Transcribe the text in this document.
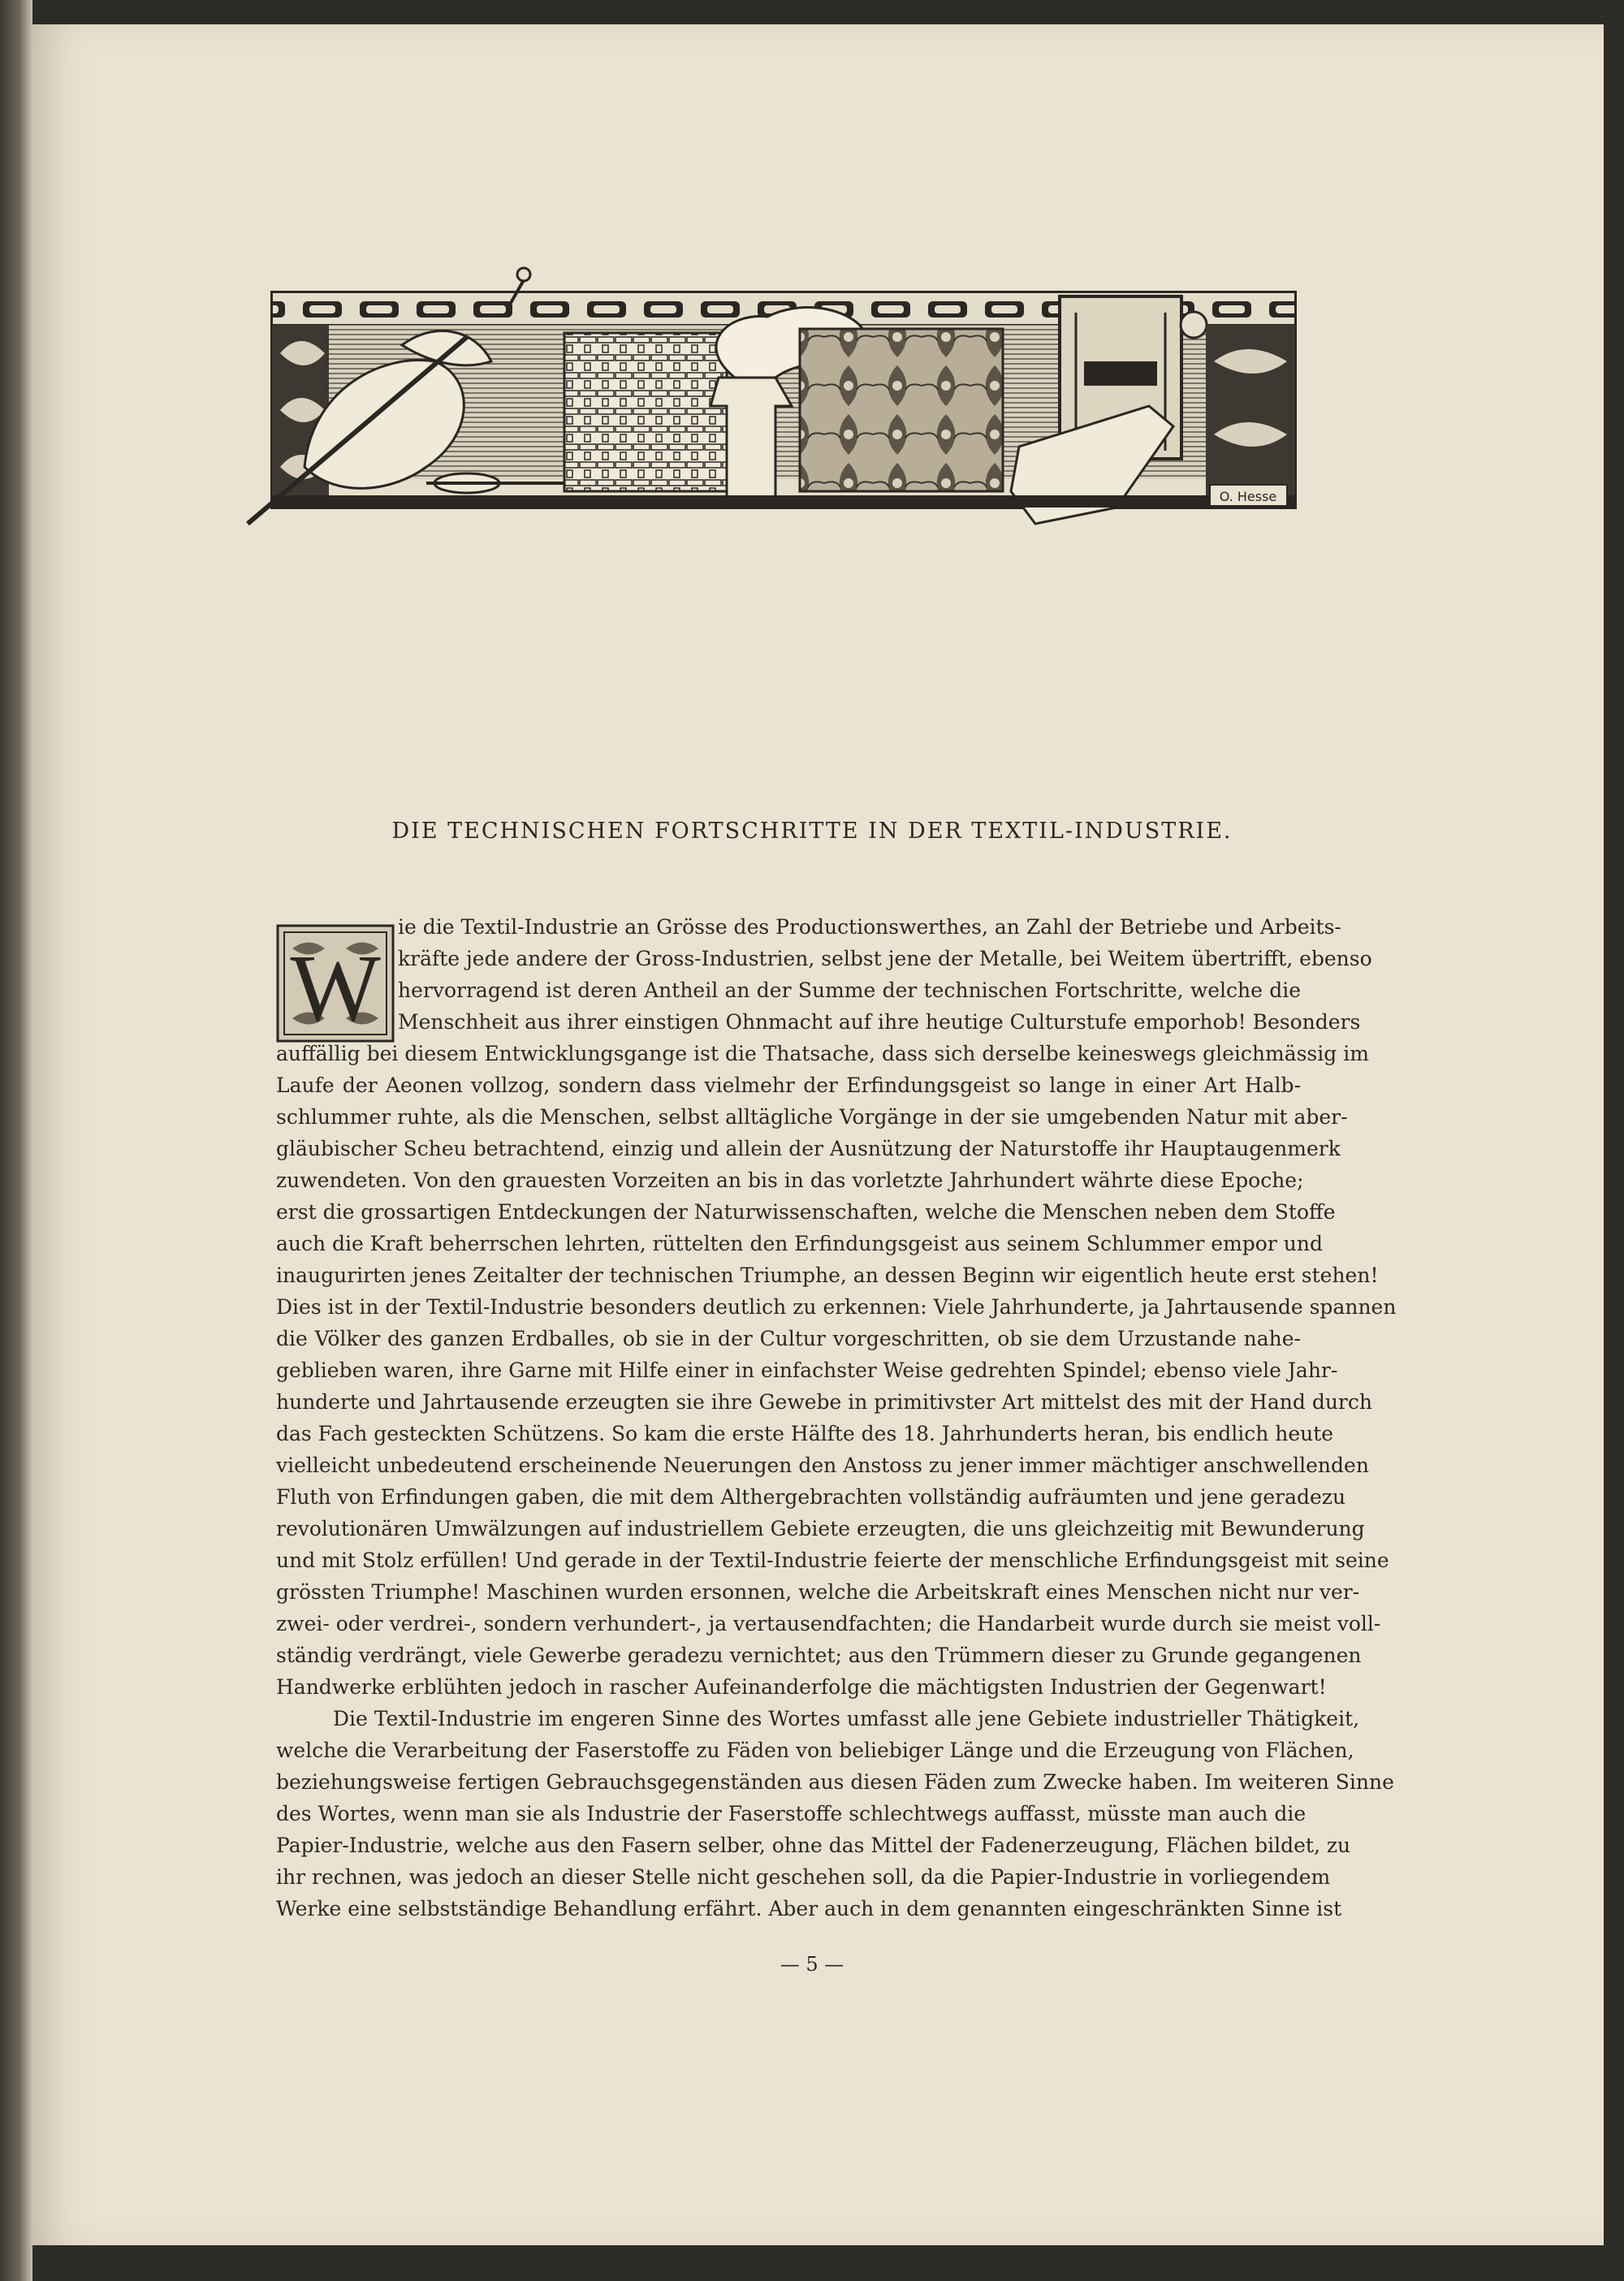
O. Hesse
DIE TECHNISCHEN FORTSCHRITTE IN DER TEXTIL-INDUSTRIE.
W

ie die Textil-Industrie an Grösse des Productionswerthes, an Zahl der Betriebe und Arbeits-

kräfte jede andere der Gross-Industrien, selbst jene der Metalle, bei Weitem übertrifft, ebenso

hervorragend ist deren Antheil an der Summe der technischen Fortschritte, welche die

Menschheit aus ihrer einstigen Ohnmacht auf ihre heutige Culturstufe emporhob! Besonders

auffällig bei diesem Entwicklungsgange ist die Thatsache, dass sich derselbe keineswegs gleichmässig im

Laufe der Aeonen vollzog, sondern dass vielmehr der Erfindungsgeist so lange in einer Art Halb-

schlummer ruhte, als die Menschen, selbst alltägliche Vorgänge in der sie umgebenden Natur mit aber-

gläubischer Scheu betrachtend, einzig und allein der Ausnützung der Naturstoffe ihr Hauptaugenmerk

zuwendeten. Von den grauesten Vorzeiten an bis in das vorletzte Jahrhundert währte diese Epoche;

erst die grossartigen Entdeckungen der Naturwissenschaften, welche die Menschen neben dem Stoffe

auch die Kraft beherrschen lehrten, rüttelten den Erfindungsgeist aus seinem Schlummer empor und

inaugurirten jenes Zeitalter der technischen Triumphe, an dessen Beginn wir eigentlich heute erst stehen!

Dies ist in der Textil-Industrie besonders deutlich zu erkennen: Viele Jahrhunderte, ja Jahrtausende spannen

die Völker des ganzen Erdballes, ob sie in der Cultur vorgeschritten, ob sie dem Urzustande nahe-

geblieben waren, ihre Garne mit Hilfe einer in einfachster Weise gedrehten Spindel; ebenso viele Jahr-

hunderte und Jahrtausende erzeugten sie ihre Gewebe in primitivster Art mittelst des mit der Hand durch

das Fach gesteckten Schützens. So kam die erste Hälfte des 18. Jahrhunderts heran, bis endlich heute

vielleicht unbedeutend erscheinende Neuerungen den Anstoss zu jener immer mächtiger anschwellenden

Fluth von Erfindungen gaben, die mit dem Althergebrachten vollständig aufräumten und jene geradezu

revolutionären Umwälzungen auf industriellem Gebiete erzeugten, die uns gleichzeitig mit Bewunderung

und mit Stolz erfüllen! Und gerade in der Textil-Industrie feierte der menschliche Erfindungsgeist mit seine

grössten Triumphe! Maschinen wurden ersonnen, welche die Arbeitskraft eines Menschen nicht nur ver-

zwei- oder verdrei-, sondern verhundert-, ja vertausendfachten; die Handarbeit wurde durch sie meist voll-

ständig verdrängt, viele Gewerbe geradezu vernichtet; aus den Trümmern dieser zu Grunde gegangenen

Handwerke erblühten jedoch in rascher Aufeinanderfolge die mächtigsten Industrien der Gegenwart!

Die Textil-Industrie im engeren Sinne des Wortes umfasst alle jene Gebiete industrieller Thätigkeit,

welche die Verarbeitung der Faserstoffe zu Fäden von beliebiger Länge und die Erzeugung von Flächen,

beziehungsweise fertigen Gebrauchsgegenständen aus diesen Fäden zum Zwecke haben. Im weiteren Sinne

des Wortes, wenn man sie als Industrie der Faserstoffe schlechtwegs auffasst, müsste man auch die

Papier-Industrie, welche aus den Fasern selber, ohne das Mittel der Fadenerzeugung, Flächen bildet, zu

ihr rechnen, was jedoch an dieser Stelle nicht geschehen soll, da die Papier-Industrie in vorliegendem

Werke eine selbstständige Behandlung erfährt. Aber auch in dem genannten eingeschränkten Sinne ist

— 5 —
